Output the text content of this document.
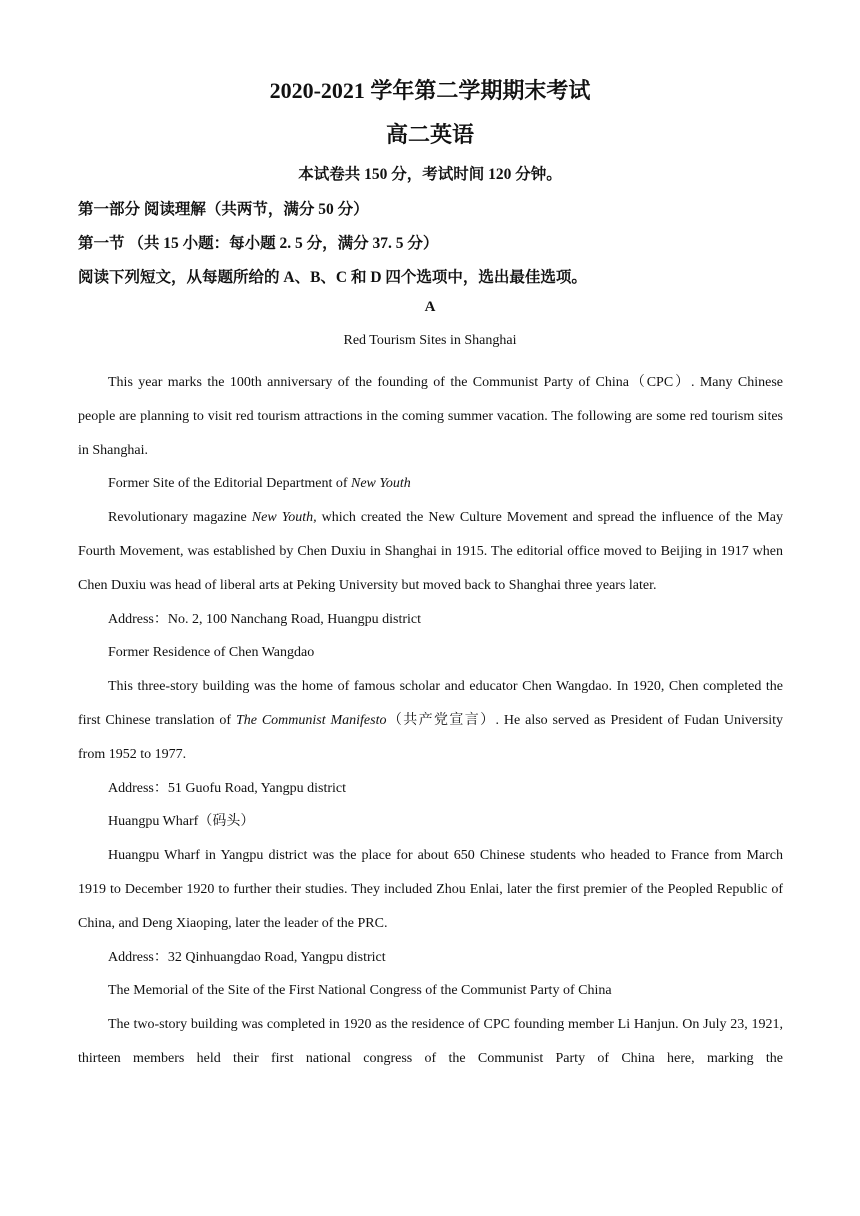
2020-2021 学年第二学期期末考试
高二英语
本试卷共 150 分，考试时间 120 分钟。
第一部分 阅读理解（共两节，满分 50 分）
第一节 （共 15 小题：每小题 2. 5 分，满分 37. 5 分）
阅读下列短文，从每题所给的 A、B、C 和 D 四个选项中，选出最佳选项。
A
Red Tourism Sites in Shanghai

This year marks the 100th anniversary of the founding of the Communist Party of China（CPC）. Many Chinese people are planning to visit red tourism attractions in the coming summer vacation. The following are some red tourism sites in Shanghai.

Former Site of the Editorial Department of New Youth

Revolutionary magazine New Youth, which created the New Culture Movement and spread the influence of the May Fourth Movement, was established by Chen Duxiu in Shanghai in 1915. The editorial office moved to Beijing in 1917 when Chen Duxiu was head of liberal arts at Peking University but moved back to Shanghai three years later.

Address：No. 2, 100 Nanchang Road, Huangpu district

Former Residence of Chen Wangdao

This three-story building was the home of famous scholar and educator Chen Wangdao. In 1920, Chen completed the first Chinese translation of The Communist Manifesto（共产党宣言）. He also served as President of Fudan University from 1952 to 1977.

Address：51 Guofu Road, Yangpu district

Huangpu Wharf（码头）

Huangpu Wharf in Yangpu district was the place for about 650 Chinese students who headed to France from March 1919 to December 1920 to further their studies. They included Zhou Enlai, later the first premier of the Peopled Republic of China, and Deng Xiaoping, later the leader of the PRC.

Address：32 Qinhuangdao Road, Yangpu district

The Memorial of the Site of the First National Congress of the Communist Party of China

The two-story building was completed in 1920 as the residence of CPC founding member Li Hanjun. On July 23, 1921, thirteen members held their first national congress of the Communist Party of China here, marking the
